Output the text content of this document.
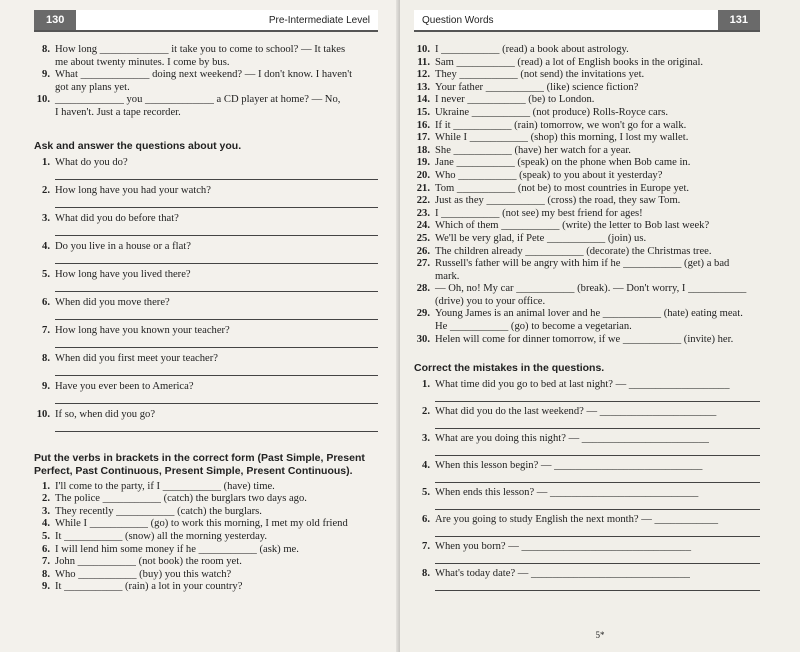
130	Pre-Intermediate Level
8. How long _____________ it take you to come to school? — It takes
me about twenty minutes. I come by bus.
9. What _____________ doing next weekend? — I don't know. I haven't
got any plans yet.
10. _____________ you _____________ a CD player at home? — No,
I haven't. Just a tape recorder.
Ask and answer the questions about you.
1. What do you do?
2. How long have you had your watch?
3. What did you do before that?
4. Do you live in a house or a flat?
5. How long have you lived there?
6. When did you move there?
7. How long have you known your teacher?
8. When did you first meet your teacher?
9. Have you ever been to America?
10. If so, when did you go?
Put the verbs in brackets in the correct form (Past Simple, Present Perfect, Past Continuous, Present Simple, Present Continuous).
1. I'll come to the party, if I ___________ (have) time.
2. The police ___________ (catch) the burglars two days ago.
3. They recently ___________ (catch) the burglars.
4. While I ___________ (go) to work this morning, I met my old friend
5. It ___________ (snow) all the morning yesterday.
6. I will lend him some money if he ___________ (ask) me.
7. John ___________ (not book) the room yet.
8. Who ___________ (buy) you this watch?
9. It ___________ (rain) a lot in your country?
Question Words	131
10. I ___________ (read) a book about astrology.
11. Sam ___________ (read) a lot of English books in the original.
12. They ___________ (not send) the invitations yet.
13. Your father ___________ (like) science fiction?
14. I never ___________ (be) to London.
15. Ukraine ___________ (not produce) Rolls-Royce cars.
16. If it ___________ (rain) tomorrow, we won't go for a walk.
17. While I ___________ (shop) this morning, I lost my wallet.
18. She ___________ (have) her watch for a year.
19. Jane ___________ (speak) on the phone when Bob came in.
20. Who ___________ (speak) to you about it yesterday?
21. Tom ___________ (not be) to most countries in Europe yet.
22. Just as they ___________ (cross) the road, they saw Tom.
23. I ___________ (not see) my best friend for ages!
24. Which of them ___________ (write) the letter to Bob last week?
25. We'll be very glad, if Pete ___________ (join) us.
26. The children already ___________ (decorate) the Christmas tree.
27. Russell's father will be angry with him if he ___________ (get) a bad
mark.
28. — Oh, no! My car ___________ (break). — Don't worry, I ___________
(drive) you to your office.
29. Young James is an animal lover and he ___________ (hate) eating meat.
He ___________ (go) to become a vegetarian.
30. Helen will come for dinner tomorrow, if we ___________ (invite) her.
Correct the mistakes in the questions.
1. What time did you go to bed at last night? — ___________________
2. What did you do the last weekend? — ______________________
3. What are you doing this night? — ________________________
4. When this lesson begin? — ____________________________
5. When ends this lesson? — ____________________________
6. Are you going to study English the next month? — ____________
7. When you born? — ________________________________
8. What's today date? — ______________________________
5*
